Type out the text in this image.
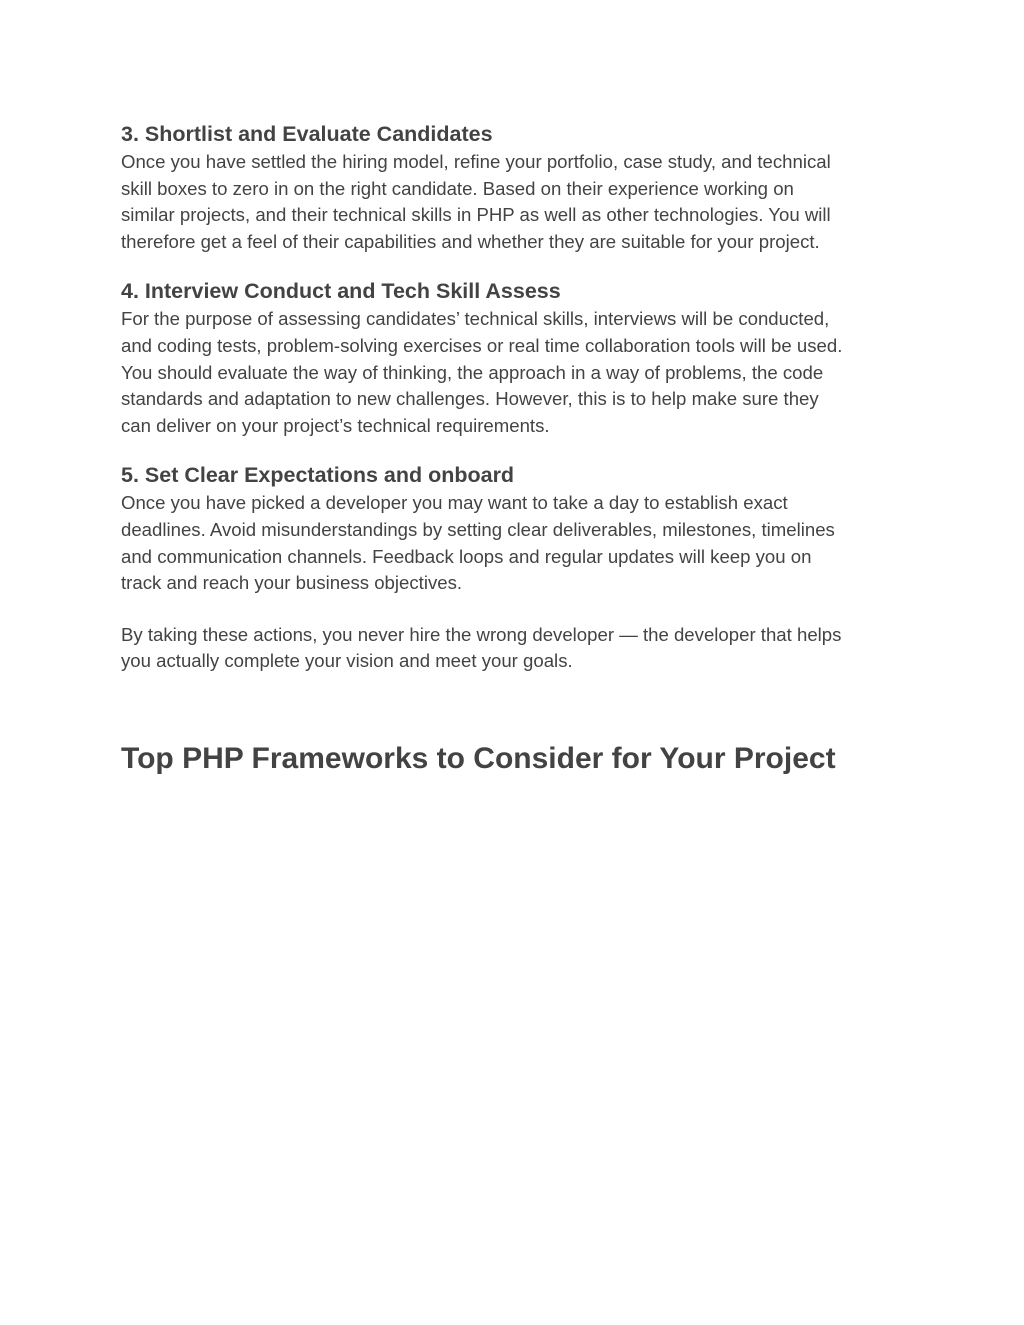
3. Shortlist and Evaluate Candidates

Once you have settled the hiring model, refine your portfolio, case study, and technical
skill boxes to zero in on the right candidate. Based on their experience working on
similar projects, and their technical skills in PHP as well as other technologies. You will
therefore get a feel of their capabilities and whether they are suitable for your project.

4. Interview Conduct and Tech Skill Assess

For the purpose of assessing candidates’ technical skills, interviews will be conducted,
and coding tests, problem-solving exercises or real time collaboration tools will be used.
You should evaluate the way of thinking, the approach in a way of problems, the code
standards and adaptation to new challenges. However, this is to help make sure they
can deliver on your project’s technical requirements.

5. Set Clear Expectations and onboard

Once you have picked a developer you may want to take a day to establish exact
deadlines. Avoid misunderstandings by setting clear deliverables, milestones, timelines
and communication channels. Feedback loops and regular updates will keep you on
track and reach your business objectives.

By taking these actions, you never hire the wrong developer — the developer that helps
you actually complete your vision and meet your goals.

Top PHP Frameworks to Consider for Your Project
